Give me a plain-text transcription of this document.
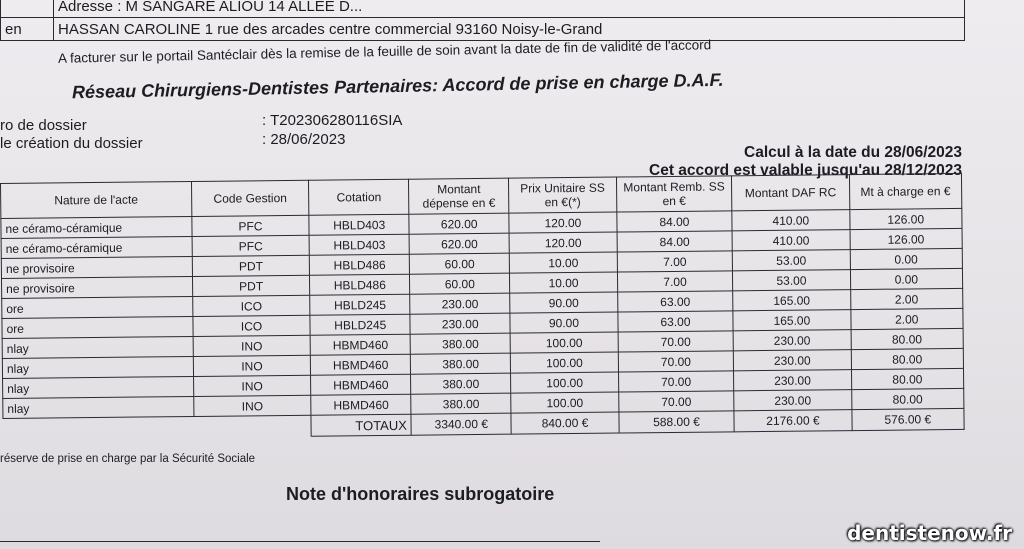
	Adresse : M SANGARE ALIOU 14 ALLEE D...
en	HASSAN CAROLINE 1 rue des arcades centre commercial 93160 Noisy-le-Grand
A facturer sur le portail Santéclair dès la remise de la feuille de soin avant la date de fin de validité de l'accord
Réseau Chirurgiens-Dentistes Partenaires: Accord de prise en charge D.A.F.
ro de dossier	: T202306280116SIA
le création du dossier	: 28/06/2023
Calcul à la date du 28/06/2023
Cet accord est valable jusqu'au 28/12/2023
Nature de l'acte	Code Gestion	Cotation	Montant dépense en €	Prix Unitaire SS en €(*)	Montant Remb. SS en €	Montant DAF RC	Mt à charge en €
ne céramo-céramique	PFC	HBLD403	620.00	120.00	84.00	410.00	126.00
ne céramo-céramique	PFC	HBLD403	620.00	120.00	84.00	410.00	126.00
ne provisoire	PDT	HBLD486	60.00	10.00	7.00	53.00	0.00
ne provisoire	PDT	HBLD486	60.00	10.00	7.00	53.00	0.00
ore	ICO	HBLD245	230.00	90.00	63.00	165.00	2.00
ore	ICO	HBLD245	230.00	90.00	63.00	165.00	2.00
nlay	INO	HBMD460	380.00	100.00	70.00	230.00	80.00
nlay	INO	HBMD460	380.00	100.00	70.00	230.00	80.00
nlay	INO	HBMD460	380.00	100.00	70.00	230.00	80.00
nlay	INO	HBMD460	380.00	100.00	70.00	230.00	80.00
		TOTAUX	3340.00 €	840.00 €	588.00 €	2176.00 €	576.00 €
réserve de prise en charge par la Sécurité Sociale
Note d'honoraires subrogatoire
dentistenow.fr
